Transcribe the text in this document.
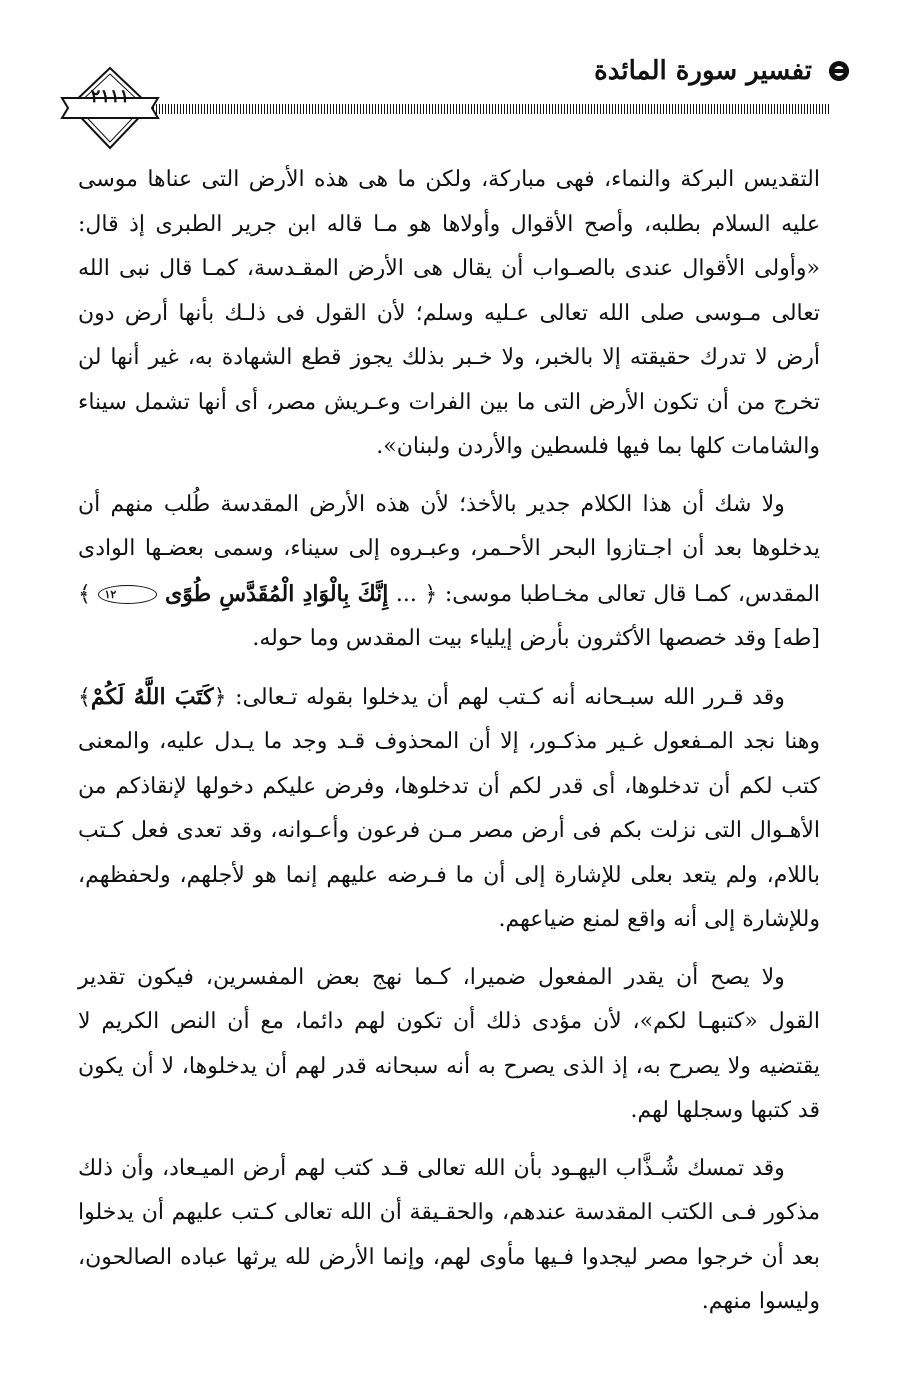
تفسير سورة المائدة
٢١١١

التقديس البركة والنماء، فهى مباركة، ولكن ما هى هذه الأرض التى عناها موسى عليه السلام بطلبه، وأصح الأقوال وأولاها هو مـا قاله ابن جرير الطبرى إذ قال: «وأولى الأقوال عندى بالصـواب أن يقال هى الأرض المقـدسة، كمـا قال نبى الله تعالى مـوسى صلى الله تعالى عـليه وسلم؛ لأن القول فى ذلـك بأنها أرض دون أرض لا تدرك حقيقته إلا بالخبر، ولا خـبر بذلك يجوز قطع الشهادة به، غير أنها لن تخرج من أن تكون الأرض التى ما بين الفرات وعـريش مصر، أى أنها تشمل سيناء والشامات كلها بما فيها فلسطين والأردن ولبنان».

ولا شك أن هذا الكلام جدير بالأخذ؛ لأن هذه الأرض المقدسة طُلب منهم أن يدخلوها بعد أن اجـتازوا البحر الأحـمر، وعبـروه إلى سيناء، وسمى بعضـها الوادى المقدس، كمـا قال تعالى مخـاطبا موسى: ﴿ ... إِنَّكَ بِالْوَادِ الْمُقَدَّسِ طُوًى ١٢ ﴾ [طه] وقد خصصها الأكثرون بأرض إيلياء بيت المقدس وما حوله.

وقد قـرر الله سبـحانه أنه كـتب لهم أن يدخلوا بقوله تـعالى: ﴿كَتَبَ اللَّهُ لَكُمْ﴾ وهنا نجد المـفعول غـير مذكـور، إلا أن المحذوف قـد وجد ما يـدل عليه، والمعنى كتب لكم أن تدخلوها، أى قدر لكم أن تدخلوها، وفرض عليكم دخولها لإنقاذكم من الأهـوال التى نزلت بكم فى أرض مصر مـن فرعون وأعـوانه، وقد تعدى فعل كـتب باللام، ولم يتعد بعلى للإشارة إلى أن ما فـرضه عليهم إنما هو لأجلهم، ولحفظهم، وللإشارة إلى أنه واقع لمنع ضياعهم.

ولا يصح أن يقدر المفعول ضميرا، كـما نهج بعض المفسرين، فيكون تقدير القول «كتبهـا لكم»، لأن مؤدى ذلك أن تكون لهم دائما، مع أن النص الكريم لا يقتضيه ولا يصرح به، إذ الذى يصرح به أنه سبحانه قدر لهم أن يدخلوها، لا أن يكون قد كتبها وسجلها لهم.

وقد تمسك شُـذَّاب اليهـود بأن الله تعالى قـد كتب لهم أرض الميـعاد، وأن ذلك مذكور فـى الكتب المقدسة عندهم، والحقـيقة أن الله تعالى كـتب عليهم أن يدخلوا بعد أن خرجوا مصر ليجدوا فـيها مأوى لهم، وإنما الأرض لله يرثها عباده الصالحون، وليسوا منهم.
